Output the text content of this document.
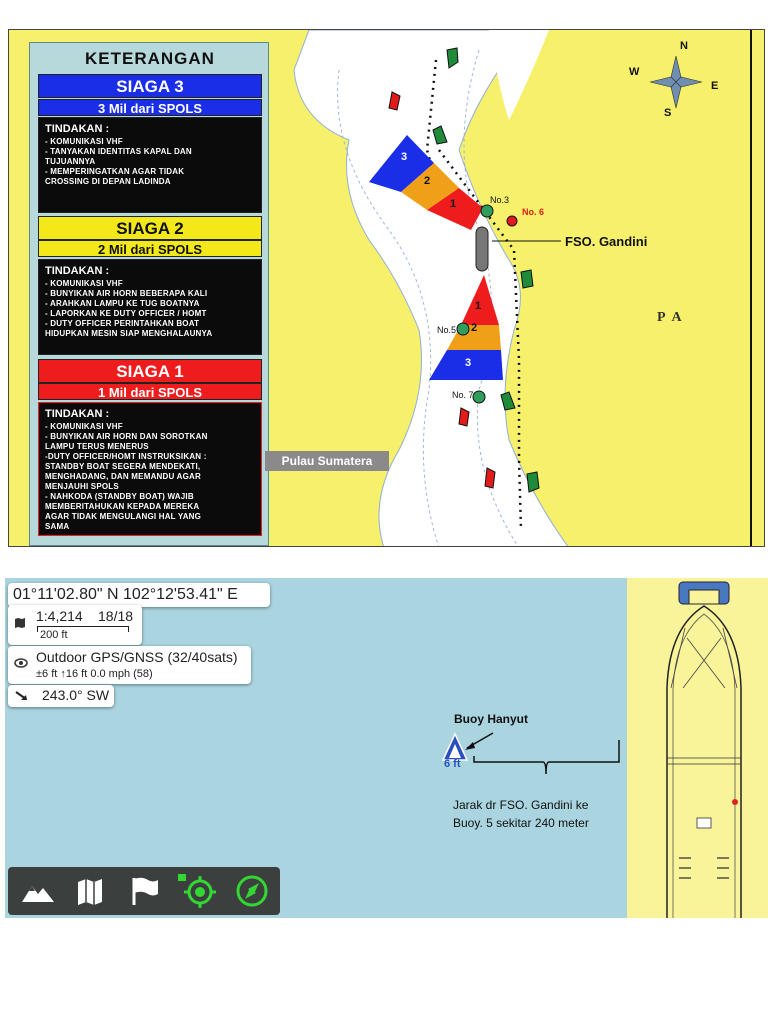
KETERANGAN
SIAGA 3
3 Mil dari SPOLS
TINDAKAN :
- KOMUNIKASI VHF
- TANYAKAN IDENTITAS KAPAL DAN
TUJUANNYA
- MEMPERINGATKAN AGAR TIDAK
CROSSING DI DEPAN LADINDA
SIAGA 2
2 Mil dari SPOLS
TINDAKAN :
- KOMUNIKASI VHF
- BUNYIKAN AIR HORN BEBERAPA KALI
- ARAHKAN LAMPU KE TUG BOATNYA
- LAPORKAN KE DUTY OFFICER / HOMT
- DUTY OFFICER PERINTAHKAN BOAT
HIDUPKAN MESIN SIAP MENGHALAUNYA
SIAGA 1
1 Mil dari SPOLS
TINDAKAN :
- KOMUNIKASI VHF
- BUNYIKAN AIR HORN DAN SOROTKAN
LAMPU TERUS MENERUS
-DUTY OFFICER/HOMT INSTRUKSIKAN :
STANDBY BOAT SEGERA MENDEKATI,
MENGHADANG, DAN MEMANDU AGAR
MENJAUHI SPOLS
- NAHKODA (STANDBY BOAT) WAJIB
MEMBERITAHUKAN KEPADA MEREKA
AGAR TIDAK MENGULANGI HAL YANG
SAMA
3
2
1
1
2
3
No.3
No. 6
No.5
No. 7
FSO. Gandini
P A
N
S
E
W
Pulau Sumatera
01°11'02.80" N 102°12'53.41" E
1:4,214 18/18
200 ft
Outdoor GPS/GNSS (32/40sats)
±6 ft ↑16 ft 0.0 mph (58)
243.0° SW
6 ft
Buoy Hanyut
Jarak dr FSO. Gandini ke
Buoy. 5 sekitar 240 meter
